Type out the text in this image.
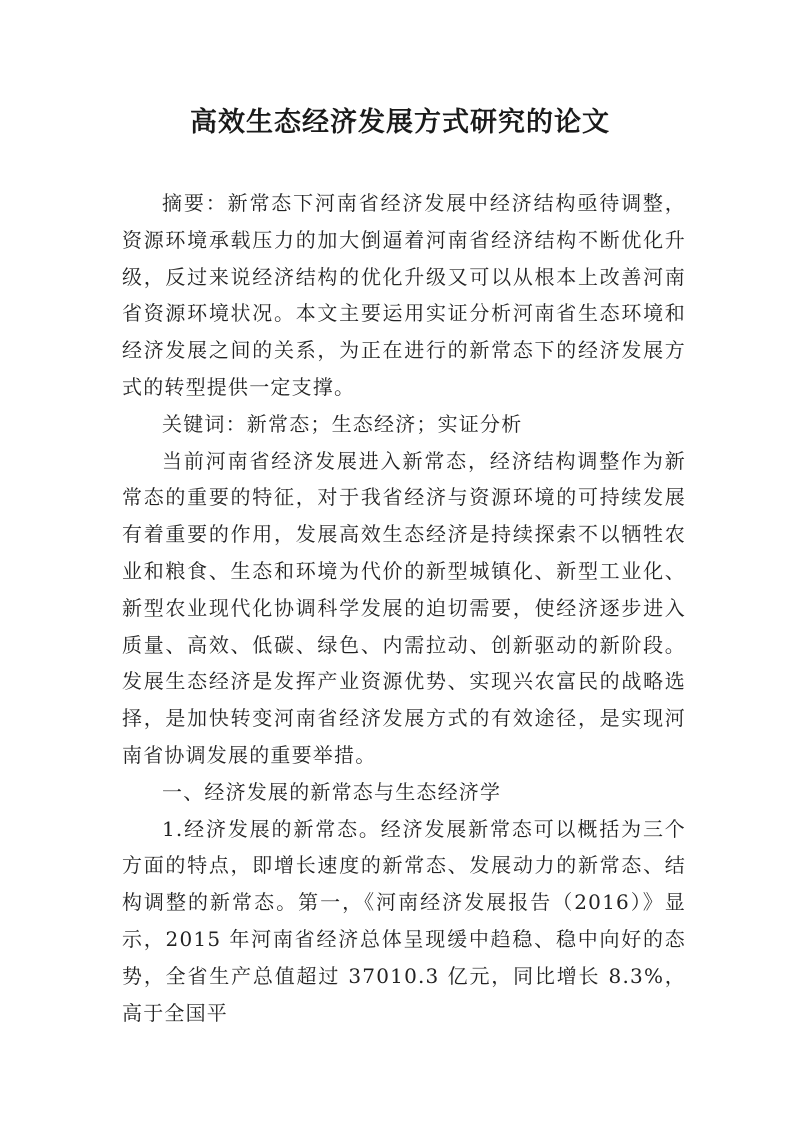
高效生态经济发展方式研究的论文

摘要：新常态下河南省经济发展中经济结构亟待调整，资源环境承载压力的加大倒逼着河南省经济结构不断优化升级，反过来说经济结构的优化升级又可以从根本上改善河南省资源环境状况。本文主要运用实证分析河南省生态环境和经济发展之间的关系，为正在进行的新常态下的经济发展方式的转型提供一定支撑。

关键词：新常态；生态经济；实证分析

当前河南省经济发展进入新常态，经济结构调整作为新常态的重要的特征，对于我省经济与资源环境的可持续发展有着重要的作用，发展高效生态经济是持续探索不以牺牲农业和粮食、生态和环境为代价的新型城镇化、新型工业化、新型农业现代化协调科学发展的迫切需要，使经济逐步进入质量、高效、低碳、绿色、内需拉动、创新驱动的新阶段。发展生态经济是发挥产业资源优势、实现兴农富民的战略选择，是加快转变河南省经济发展方式的有效途径，是实现河南省协调发展的重要举措。

一、经济发展的新常态与生态经济学

1.经济发展的新常态。经济发展新常态可以概括为三个方面的特点，即增长速度的新常态、发展动力的新常态、结构调整的新常态。第一，《河南经济发展报告（2016）》显示，2015 年河南省经济总体呈现缓中趋稳、稳中向好的态势，全省生产总值超过 37010.3 亿元，同比增长 8.3%，高于全国平
